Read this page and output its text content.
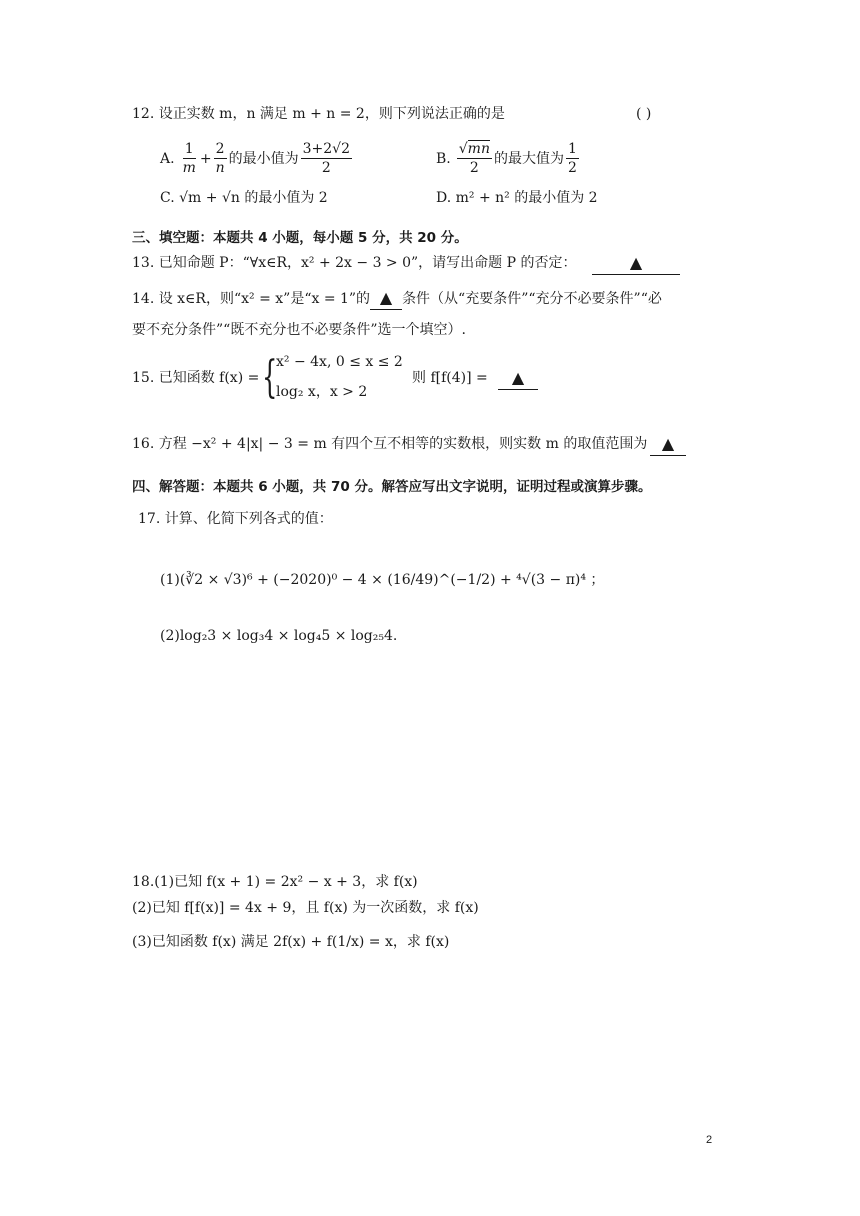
12. 设正实数 m，n 满足 m + n = 2，则下列说法正确的是	( )
A. $\frac{1}{m} + \frac{2}{n}$ 的最小值为 $\frac{3+2√2}{2}$	B. $\frac{√mn}{2}$ 的最大值为 $\frac{1}{2}$
C. √m + √n 的最小值为 2	D. m² + n² 的最小值为 2
三、填空题：本题共 4 小题，每小题 5 分，共 20 分。
13. 已知命题 P：“∀x∈R，x² + 2x − 3 > 0”，请写出命题 P 的否定：	▲
14. 设 x∈R，则“x² = x”是“x = 1”的 ▲ 条件（从“充要条件”“充分不必要条件”“必
要不充分条件”“既不充分也不必要条件”选一个填空）.
15. 已知函数 f(x) = {
x² − 4x, 0 ≤ x ≤ 2
log₂ x，x > 2
则 f[f(4)] =	▲
16. 方程 −x² + 4|x| − 3 = m 有四个互不相等的实数根，则实数 m 的取值范围为 ▲
四、解答题：本题共 6 小题，共 70 分。解答应写出文字说明，证明过程或演算步骤。
17. 计算、化简下列各式的值：
(1)(∛2 × √3)⁶ + (−2020)⁰ − 4 × (16/49)^(−1/2) + ⁴√(3 − π)⁴ ；
(2)log₂3 × log₃4 × log₄5 × log₂₅4.
18.(1)已知 f(x + 1) = 2x² − x + 3，求 f(x)
(2)已知 f[f(x)] = 4x + 9，且 f(x) 为一次函数，求 f(x)
(3)已知函数 f(x) 满足 2f(x) + f(1/x) = x，求 f(x)
2
